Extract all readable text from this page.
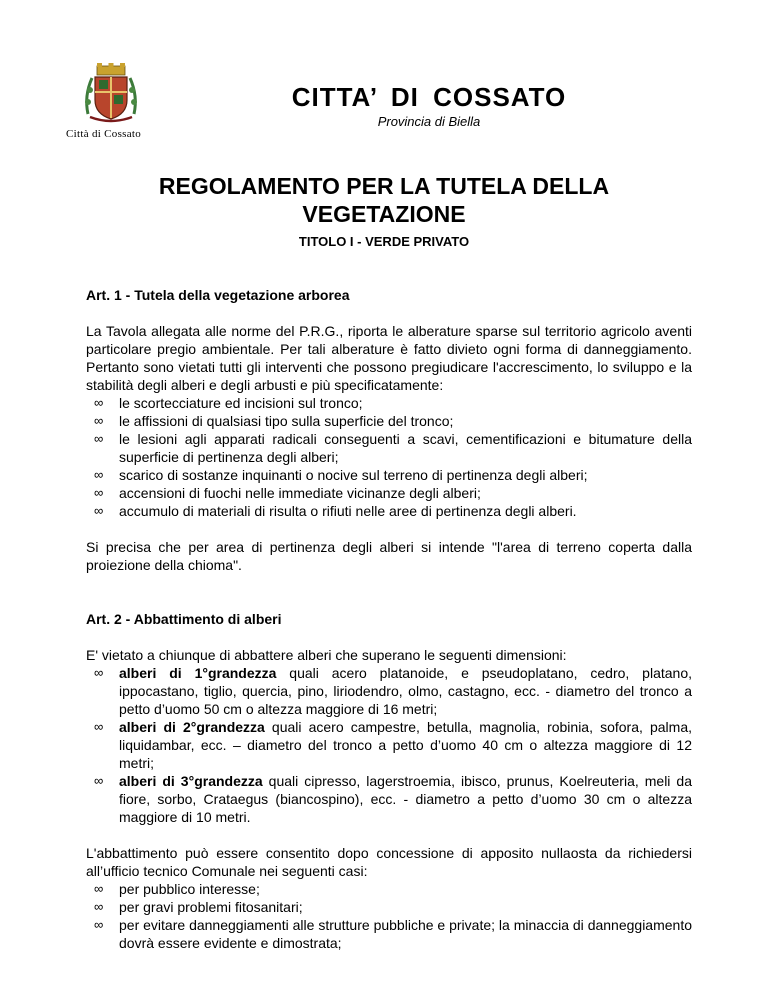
Città di Cossato
CITTA’ DI COSSATO
Provincia di Biella
REGOLAMENTO PER LA TUTELA DELLA
VEGETAZIONE
TITOLO I - VERDE PRIVATO
Art. 1 - Tutela della vegetazione arborea

La Tavola allegata alle norme del P.R.G., riporta le alberature sparse sul territorio agricolo aventi particolare pregio ambientale. Per tali alberature è fatto divieto ogni forma di danneggiamento. Pertanto sono vietati tutti gli interventi che possono pregiudicare l'accrescimento, lo sviluppo e la stabilità degli alberi e degli arbusti e più specificatamente:

∞ le scortecciature ed incisioni sul tronco;
∞ le affissioni di qualsiasi tipo sulla superficie del tronco;
∞ le lesioni agli apparati radicali conseguenti a scavi, cementificazioni e bitumature della superficie di pertinenza degli alberi;
∞ scarico di sostanze inquinanti o nocive sul terreno di pertinenza degli alberi;
∞ accensioni di fuochi nelle immediate vicinanze degli alberi;
∞ accumulo di materiali di risulta o rifiuti nelle aree di pertinenza degli alberi.

Si precisa che per area di pertinenza degli alberi si intende "l'area di terreno coperta dalla proiezione della chioma".

Art. 2 - Abbattimento di alberi

E' vietato a chiunque di abbattere alberi che superano le seguenti dimensioni:

∞ alberi di 1°grandezza quali acero platanoide, e pseudoplatano, cedro, platano, ippocastano, tiglio, quercia, pino, liriodendro, olmo, castagno, ecc. - diametro del tronco a petto d’uomo 50 cm o altezza maggiore di 16 metri;
∞ alberi di 2°grandezza quali acero campestre, betulla, magnolia, robinia, sofora, palma, liquidambar, ecc. – diametro del tronco a petto d’uomo 40 cm o altezza maggiore di 12 metri;
∞ alberi di 3°grandezza quali cipresso, lagerstroemia, ibisco, prunus, Koelreuteria, meli da fiore, sorbo, Crataegus (biancospino), ecc. - diametro a petto d’uomo 30 cm o altezza maggiore di 10 metri.

L'abbattimento può essere consentito dopo concessione di apposito nullaosta da richiedersi all’ufficio tecnico Comunale nei seguenti casi:

∞ per pubblico interesse;
∞ per gravi problemi fitosanitari;
∞ per evitare danneggiamenti alle strutture pubbliche e private; la minaccia di danneggiamento dovrà essere evidente e dimostrata;
